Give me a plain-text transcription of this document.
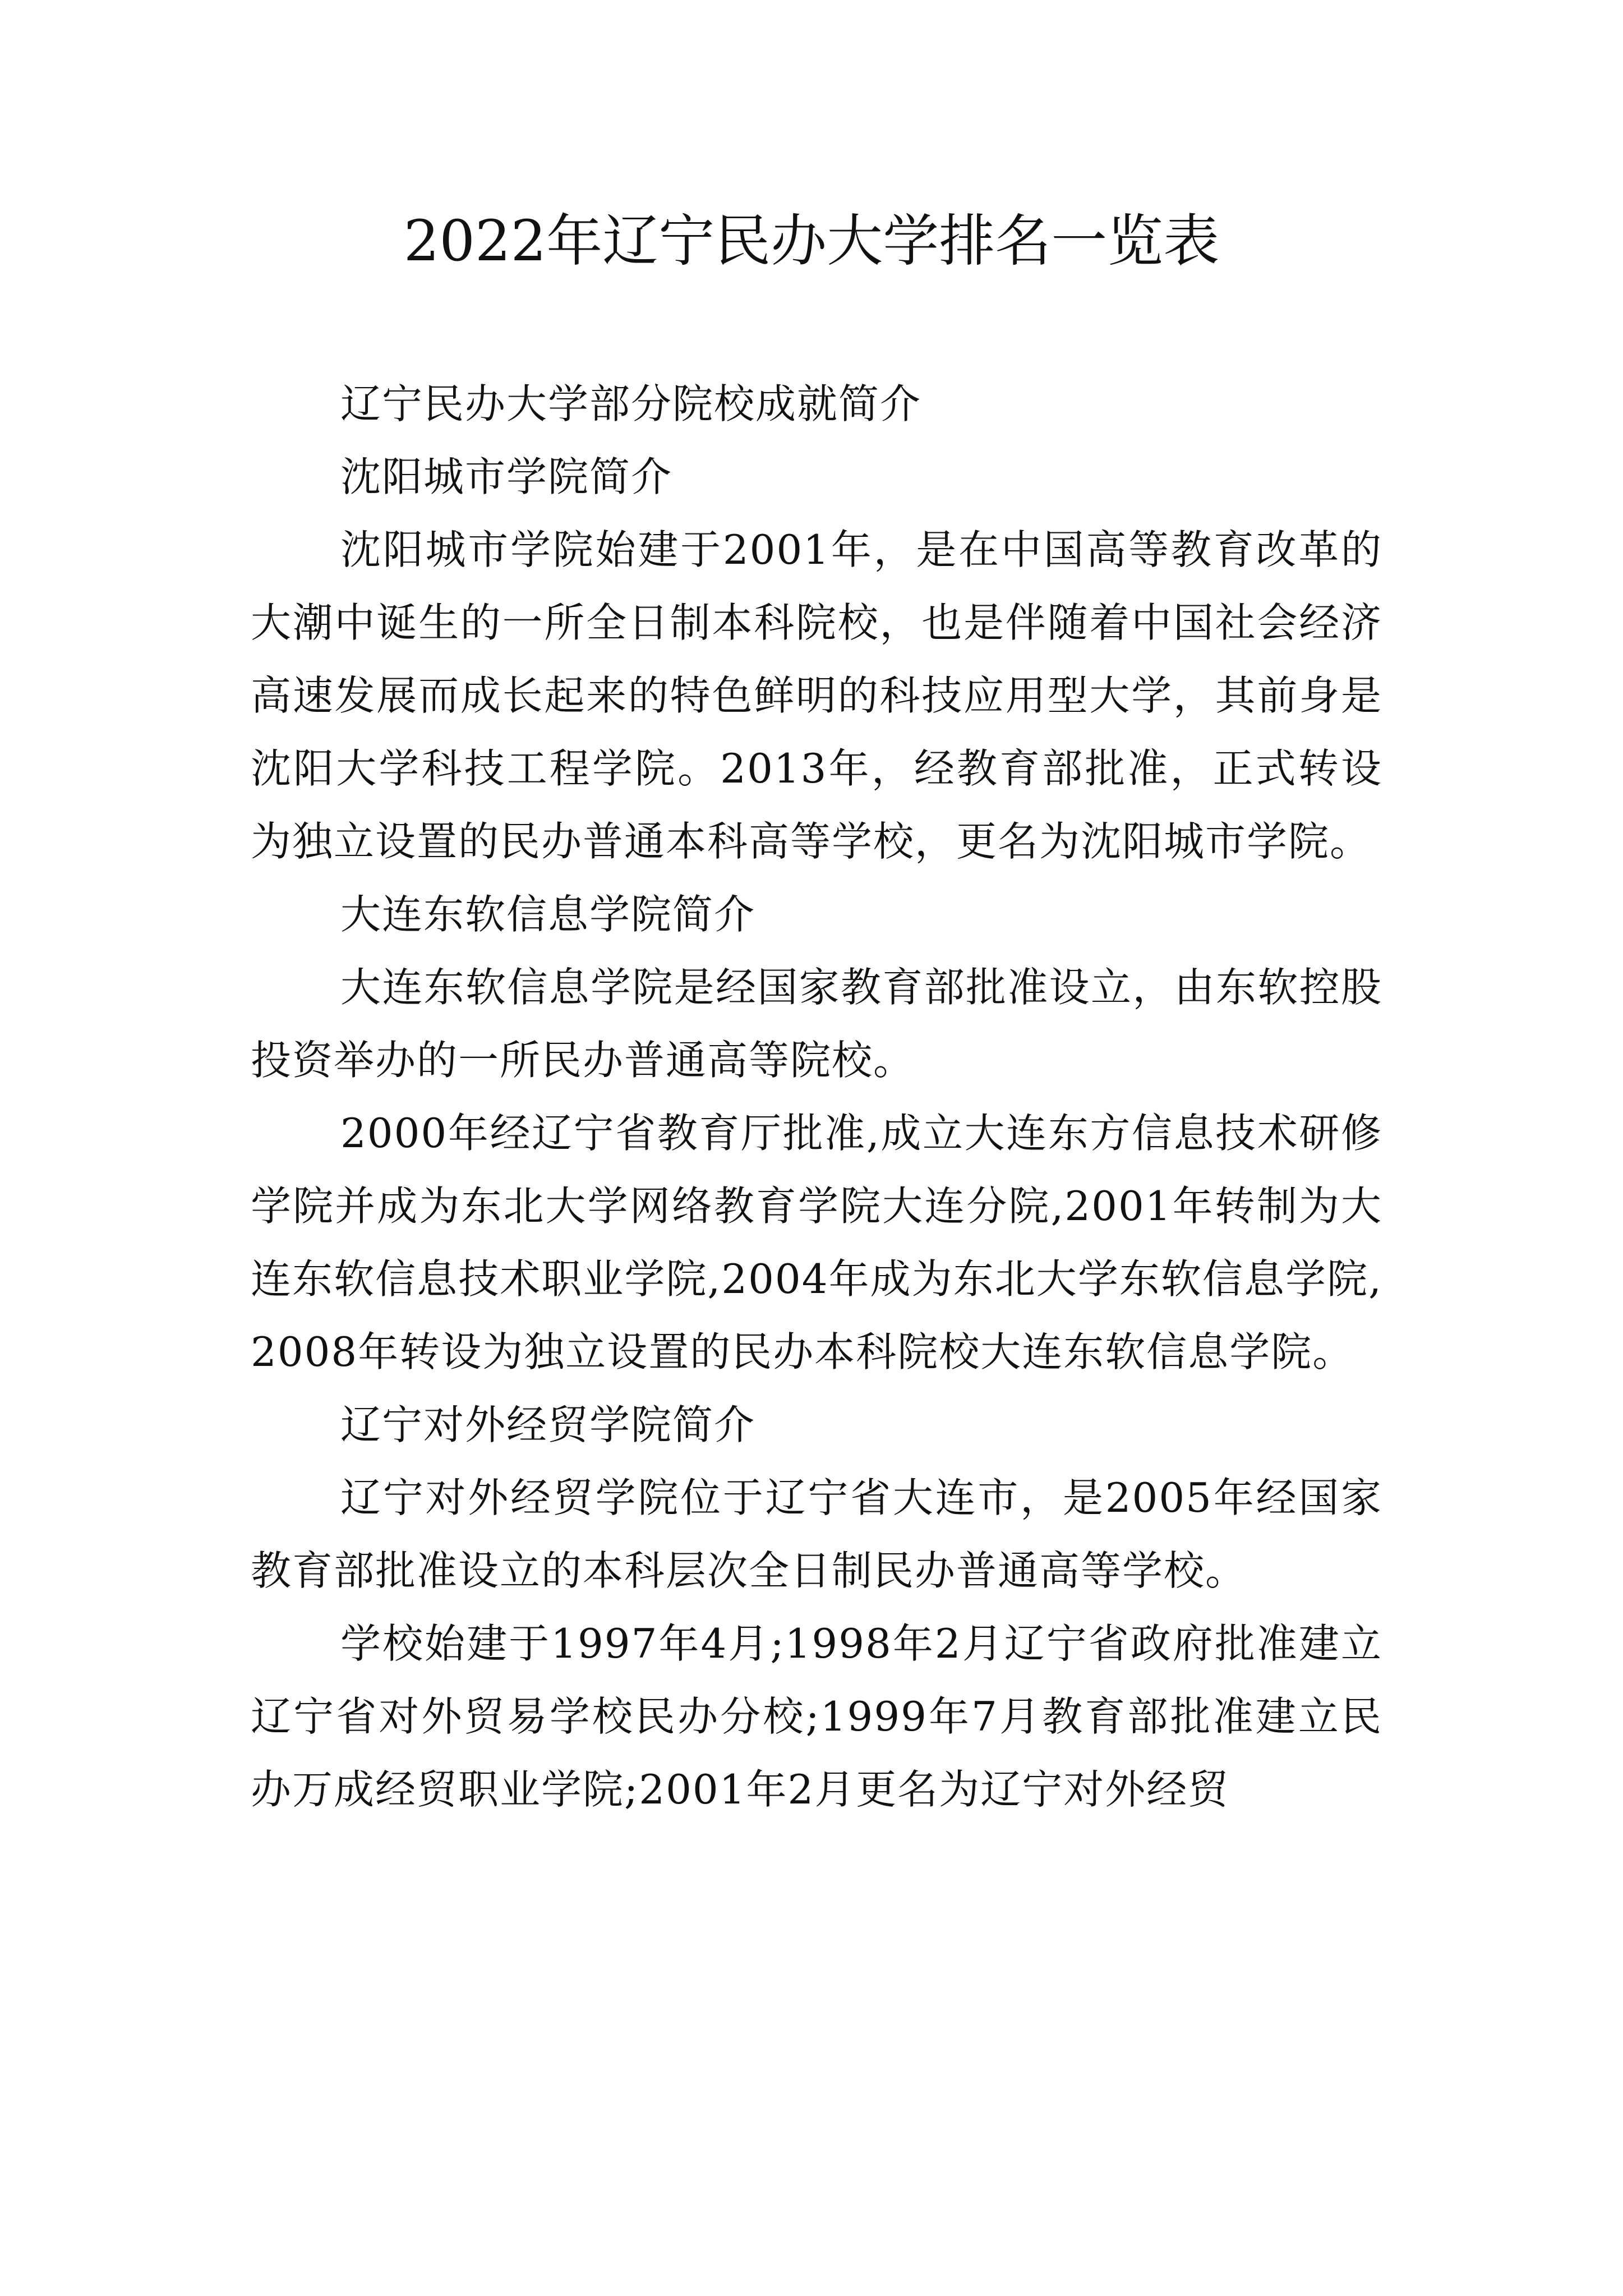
2022年辽宁民办大学排名一览表

辽宁民办大学部分院校成就简介

沈阳城市学院简介

沈阳城市学院始建于2001年，是在中国高等教育改革的大潮中诞生的一所全日制本科院校，也是伴随着中国社会经济高速发展而成长起来的特色鲜明的科技应用型大学，其前身是沈阳大学科技工程学院。2013年，经教育部批准，正式转设为独立设置的民办普通本科高等学校，更名为沈阳城市学院。

大连东软信息学院简介

大连东软信息学院是经国家教育部批准设立，由东软控股投资举办的一所民办普通高等院校。

2000年经辽宁省教育厅批准,成立大连东方信息技术研修学院并成为东北大学网络教育学院大连分院,2001年转制为大连东软信息技术职业学院,2004年成为东北大学东软信息学院,2008年转设为独立设置的民办本科院校大连东软信息学院。

辽宁对外经贸学院简介

辽宁对外经贸学院位于辽宁省大连市，是2005年经国家教育部批准设立的本科层次全日制民办普通高等学校。

学校始建于1997年4月;1998年2月辽宁省政府批准建立辽宁省对外贸易学校民办分校;1999年7月教育部批准建立民办万成经贸职业学院;2001年2月更名为辽宁对外经贸
